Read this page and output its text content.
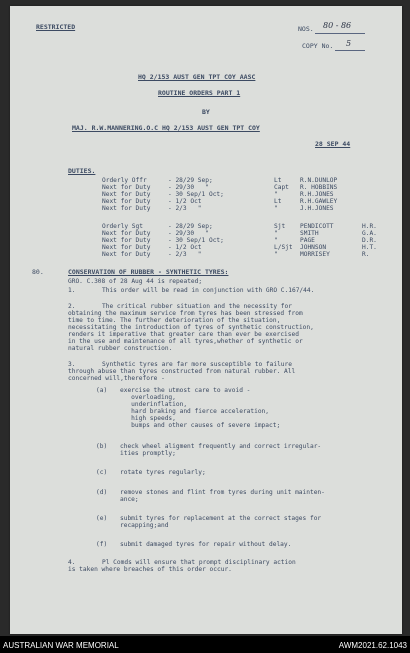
RESTRICTED	NOS. 80 - 86
COPY No. 5
HQ 2/153 AUST GEN TPT COY AASC
ROUTINE ORDERS PART 1
BY
MAJ. R.W.MANNERING.O.C HQ 2/153 AUST GEN TPT COY
28 SEP 44
DUTIES.
Orderly Offr	- 28/29 Sep;	Lt	R.N.DUNLOP
Next for Duty	- 29/30   "	Capt R. HOBBINS
Next for Duty	- 30 Sep/1 Oct;	"	R.H.JONES
Next for Duty	- 1/2 Oct	Lt	R.H.GAWLEY
Next for Duty	- 2/3   "	"	J.H.JONES
Orderly Sgt	- 28/29 Sep;	Sjt PENDICOTT	H.R.
Next for Duty	- 29/30   "	"	SMITH	G.A.
Next for Duty	- 30 Sep/1 Oct;	"	PAGE	D.R.
Next for Duty	- 1/2 Oct	L/Sjt JOHNSON	H.T.
Next for Duty	- 2/3   "	"	MORRISEY	R.
80.	CONSERVATION OF RUBBER - SYNTHETIC TYRES:
GRO. C.308 of 28 Aug 44 is repeated;
1.	This order will be read in conjunction with GRO C.167/44.
2.	The critical rubber situation and the necessity for
obtaining the maximum service from tyres has been stressed from
time to time. The further deterioration of the situation,
necessitating the introduction of tyres of synthetic construction,
renders it imperative that greater care than ever be exercised
in the use and maintenance of all tyres,whether of synthetic or
natural rubber construction.
3.	Synthetic tyres are far more susceptible to failure
through abuse than tyres constructed from natural rubber. All
concerned will,therefore -
(a) exercise the utmost care to avoid -
overloading,
underinflation,
hard braking and fierce acceleration,
high speeds,
bumps and other causes of severe impact;
(b) check wheel aligment frequently and correct irregular-
ities promptly;
(c) rotate tyres regularly;
(d) remove stones and flint from tyres during unit mainten-
ance;
(e) submit tyres for replacement at the correct stages for
recapping;and
(f) submit damaged tyres for repair without delay.
4.	Pl Comds will ensure that prompt disciplinary action
is taken where breaches of this order occur.
AUSTRALIAN WAR MEMORIAL	AWM2021.62.1043
